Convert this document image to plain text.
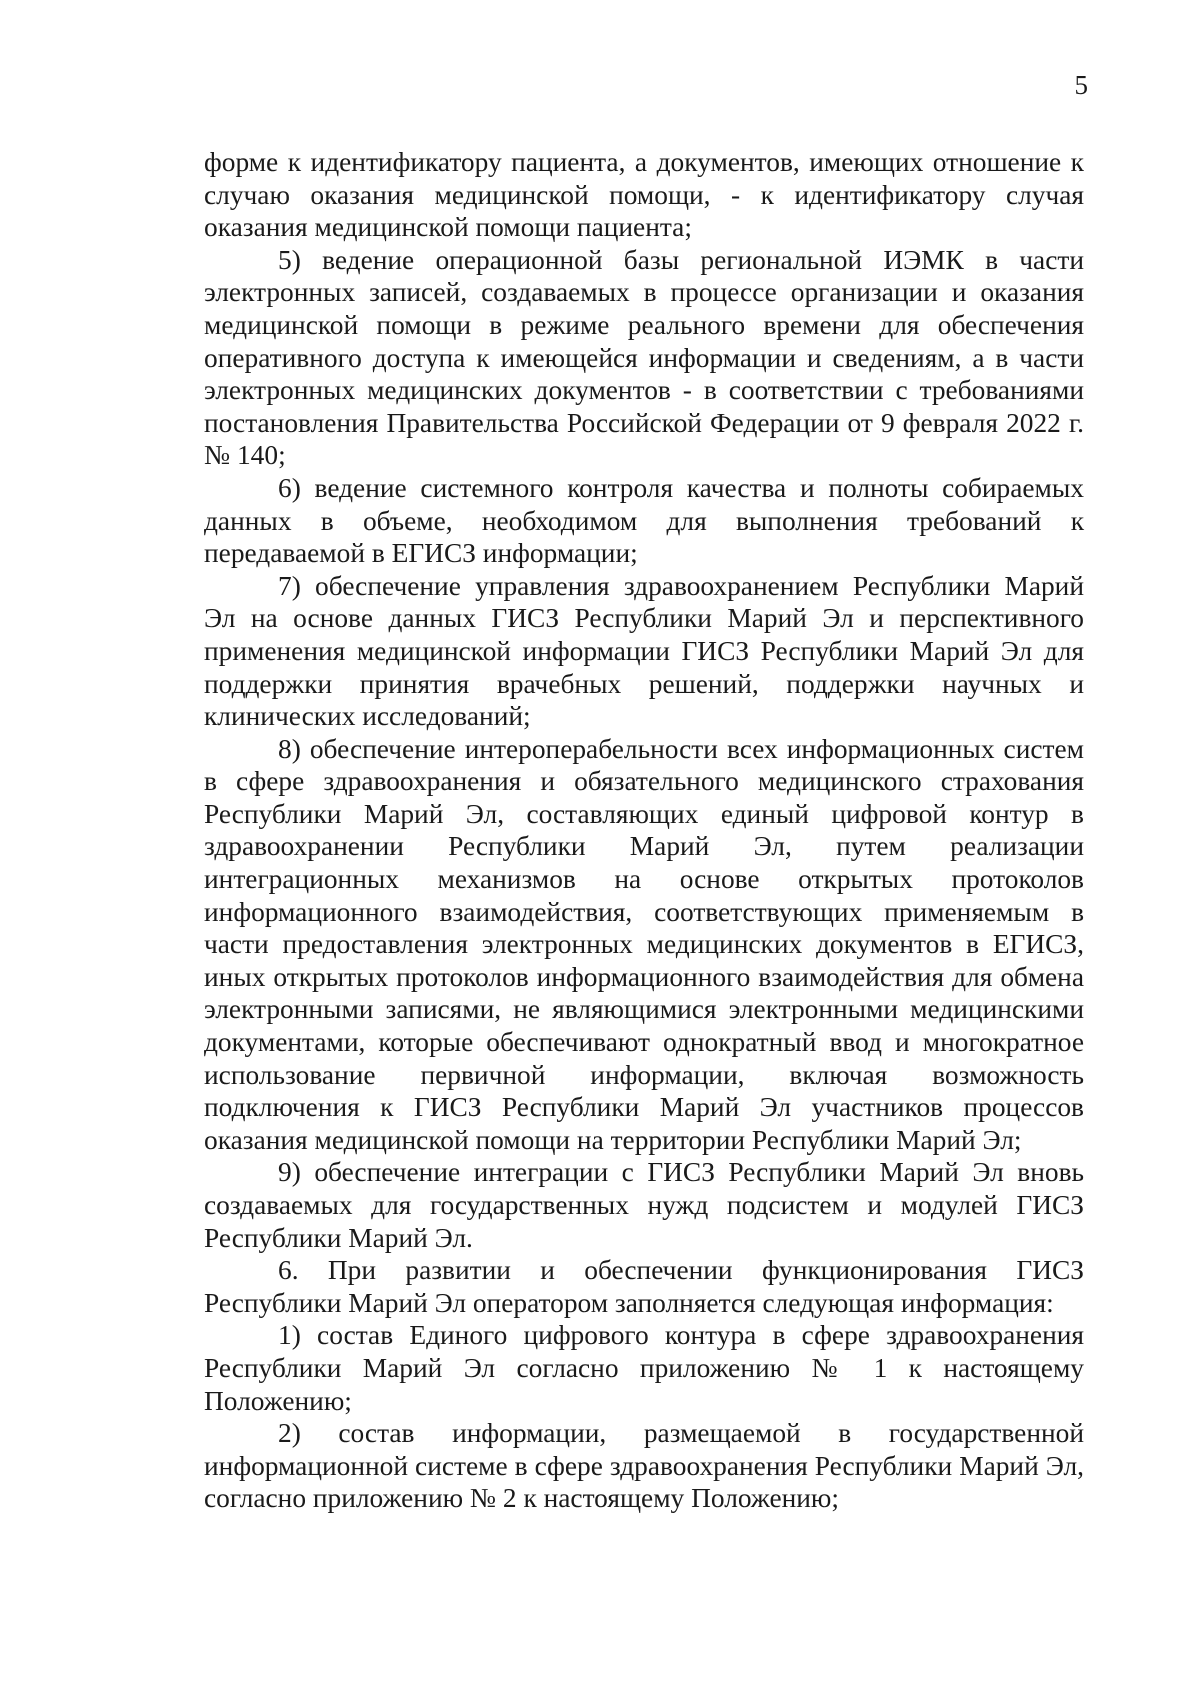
5

форме к идентификатору пациента, а документов, имеющих отношение к случаю оказания медицинской помощи, - к идентификатору случая оказания медицинской помощи пациента;

5) ведение операционной базы региональной ИЭМК в части электронных записей, создаваемых в процессе организации и оказания медицинской помощи в режиме реального времени для обеспечения оперативного доступа к имеющейся информации и сведениям, а в части электронных медицинских документов - в соответствии с требованиями постановления Правительства Российской Федерации от 9 февраля 2022 г. № 140;

6) ведение системного контроля качества и полноты собираемых данных в объеме, необходимом для выполнения требований к передаваемой в ЕГИСЗ информации;

7) обеспечение управления здравоохранением Республики Марий Эл на основе данных ГИСЗ Республики Марий Эл и перспективного применения медицинской информации ГИСЗ Республики Марий Эл для поддержки принятия врачебных решений, поддержки научных и клинических исследований;

8) обеспечение интероперабельности всех информационных систем в сфере здравоохранения и обязательного медицинского страхования Республики Марий Эл, составляющих единый цифровой контур в здравоохранении Республики Марий Эл, путем реализации интеграционных механизмов на основе открытых протоколов информационного взаимодействия, соответствующих применяемым в части предоставления электронных медицинских документов в ЕГИСЗ, иных открытых протоколов информационного взаимодействия для обмена электронными записями, не являющимися электронными медицинскими документами, которые обеспечивают однократный ввод и многократное использование первичной информации, включая возможность подключения к ГИСЗ Республики Марий Эл участников процессов оказания медицинской помощи на территории Республики Марий Эл;

9) обеспечение интеграции с ГИСЗ Республики Марий Эл вновь создаваемых для государственных нужд подсистем и модулей ГИСЗ Республики Марий Эл.

6. При развитии и обеспечении функционирования ГИСЗ Республики Марий Эл оператором заполняется следующая информация:

1) состав Единого цифрового контура в сфере здравоохранения Республики Марий Эл согласно приложению № 1 к настоящему Положению;

2) состав информации, размещаемой в государственной информационной системе в сфере здравоохранения Республики Марий Эл, согласно приложению № 2 к настоящему Положению;
